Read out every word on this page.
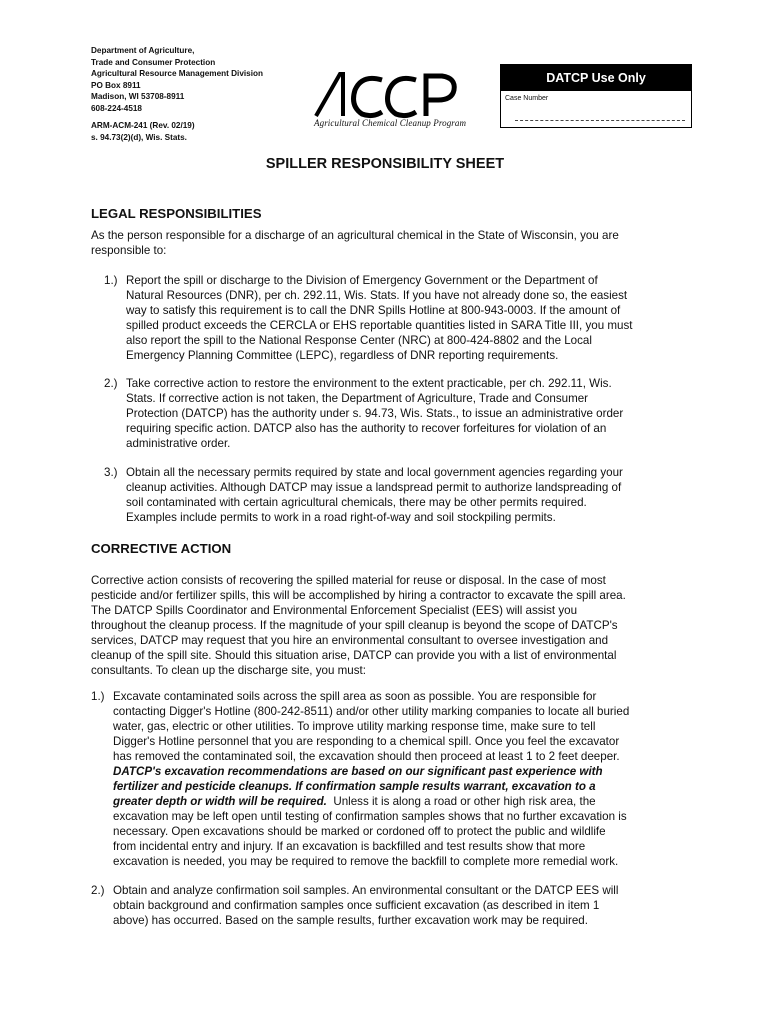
Department of Agriculture,
Trade and Consumer Protection
Agricultural Resource Management Division
PO Box 8911
Madison, WI 53708-8911
608-224-4518
ARM-ACM-241 (Rev. 02/19)
s. 94.73(2)(d), Wis. Stats.
Agricultural Chemical Cleanup Program
DATCP Use Only
Case Number
SPILLER RESPONSIBILITY SHEET
LEGAL RESPONSIBILITIES
As the person responsible for a discharge of an agricultural chemical in the State of Wisconsin, you are
responsible to:
1.) Report the spill or discharge to the Division of Emergency Government or the Department of
Natural Resources (DNR), per ch. 292.11, Wis. Stats. If you have not already done so, the easiest
way to satisfy this requirement is to call the DNR Spills Hotline at 800-943-0003. If the amount of
spilled product exceeds the CERCLA or EHS reportable quantities listed in SARA Title III, you must
also report the spill to the National Response Center (NRC) at 800-424-8802 and the Local
Emergency Planning Committee (LEPC), regardless of DNR reporting requirements.
2.) Take corrective action to restore the environment to the extent practicable, per ch. 292.11, Wis.
Stats. If corrective action is not taken, the Department of Agriculture, Trade and Consumer
Protection (DATCP) has the authority under s. 94.73, Wis. Stats., to issue an administrative order
requiring specific action. DATCP also has the authority to recover forfeitures for violation of an
administrative order.
3.) Obtain all the necessary permits required by state and local government agencies regarding your
cleanup activities. Although DATCP may issue a landspread permit to authorize landspreading of
soil contaminated with certain agricultural chemicals, there may be other permits required.
Examples include permits to work in a road right-of-way and soil stockpiling permits.
CORRECTIVE ACTION
Corrective action consists of recovering the spilled material for reuse or disposal. In the case of most
pesticide and/or fertilizer spills, this will be accomplished by hiring a contractor to excavate the spill area.
The DATCP Spills Coordinator and Environmental Enforcement Specialist (EES) will assist you
throughout the cleanup process. If the magnitude of your spill cleanup is beyond the scope of DATCP's
services, DATCP may request that you hire an environmental consultant to oversee investigation and
cleanup of the spill site. Should this situation arise, DATCP can provide you with a list of environmental
consultants. To clean up the discharge site, you must:
1.) Excavate contaminated soils across the spill area as soon as possible. You are responsible for
contacting Digger's Hotline (800-242-8511) and/or other utility marking companies to locate all buried
water, gas, electric or other utilities. To improve utility marking response time, make sure to tell
Digger's Hotline personnel that you are responding to a chemical spill. Once you feel the excavator
has removed the contaminated soil, the excavation should then proceed at least 1 to 2 feet deeper.
DATCP's excavation recommendations are based on our significant past experience with
fertilizer and pesticide cleanups. If confirmation sample results warrant, excavation to a
greater depth or width will be required.  Unless it is along a road or other high risk area, the
excavation may be left open until testing of confirmation samples shows that no further excavation is
necessary. Open excavations should be marked or cordoned off to protect the public and wildlife
from incidental entry and injury. If an excavation is backfilled and test results show that more
excavation is needed, you may be required to remove the backfill to complete more remedial work.
2.) Obtain and analyze confirmation soil samples. An environmental consultant or the DATCP EES will
obtain background and confirmation samples once sufficient excavation (as described in item 1
above) has occurred. Based on the sample results, further excavation work may be required.
